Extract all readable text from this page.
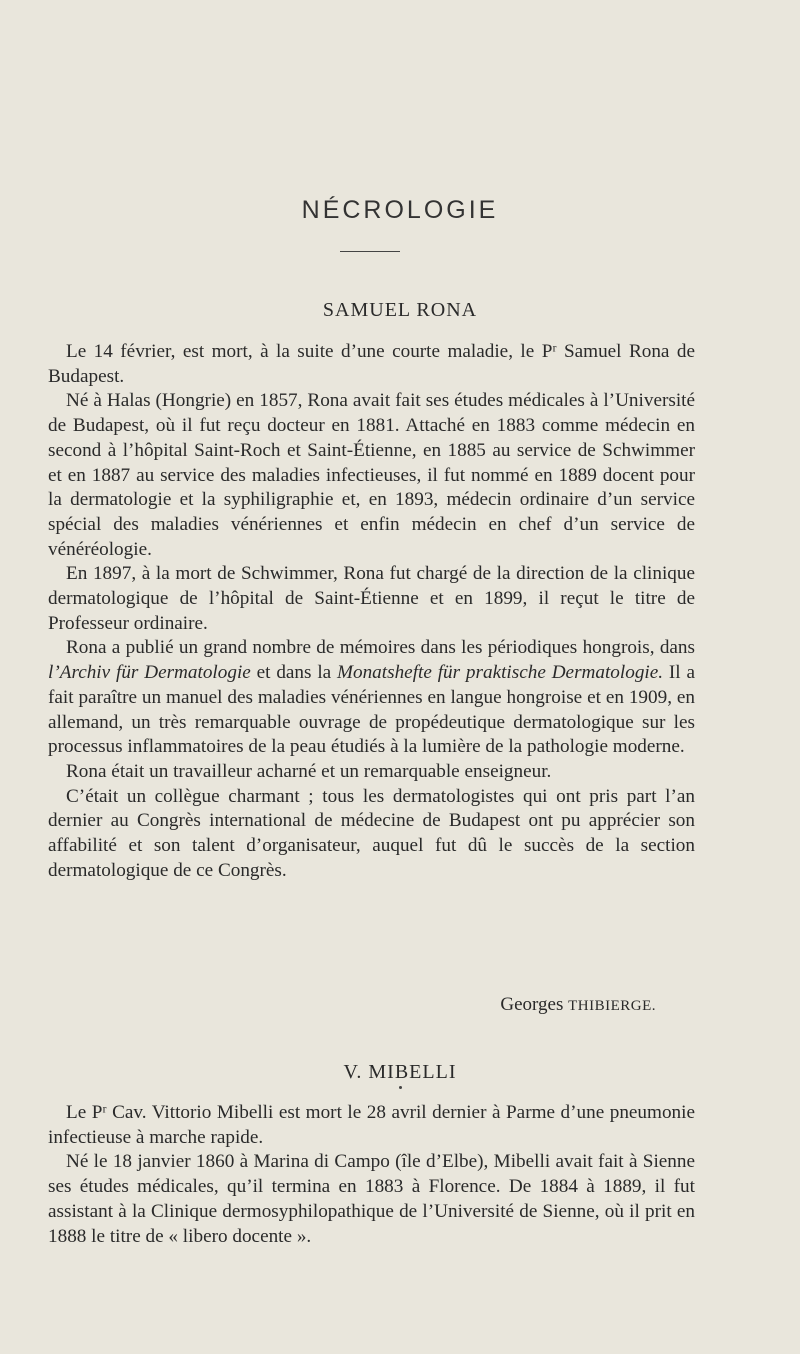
NÉCROLOGIE
SAMUEL RONA

Le 14 février, est mort, à la suite d’une courte maladie, le Pʳ Samuel Rona de Budapest.

Né à Halas (Hongrie) en 1857, Rona avait fait ses études médicales à l’Université de Budapest, où il fut reçu docteur en 1881. Attaché en 1883 comme médecin en second à l’hôpital Saint-Roch et Saint-Étienne, en 1885 au service de Schwimmer et en 1887 au service des maladies infectieuses, il fut nommé en 1889 docent pour la dermatologie et la syphiligraphie et, en 1893, médecin ordinaire d’un service spécial des maladies vénériennes et enfin médecin en chef d’un service de vénéréologie.

En 1897, à la mort de Schwimmer, Rona fut chargé de la direction de la clinique dermatologique de l’hôpital de Saint-Étienne et en 1899, il reçut le titre de Professeur ordinaire.

Rona a publié un grand nombre de mémoires dans les périodiques hongrois, dans l’Archiv für Dermatologie et dans la Monatshefte für praktische Dermatologie. Il a fait paraître un manuel des maladies vénériennes en langue hongroise et en 1909, en allemand, un très remarquable ouvrage de propédeutique dermatologique sur les processus inflammatoires de la peau étudiés à la lumière de la pathologie moderne.

Rona était un travailleur acharné et un remarquable enseigneur.

C’était un collègue charmant ; tous les dermatologistes qui ont pris part l’an dernier au Congrès international de médecine de Budapest ont pu apprécier son affabilité et son talent d’organisateur, auquel fut dû le succès de la section dermatologique de ce Congrès.

Georges THIBIERGE.
V. MIBELLI

Le Pʳ Cav. Vittorio Mibelli est mort le 28 avril dernier à Parme d’une pneumonie infectieuse à marche rapide.

Né le 18 janvier 1860 à Marina di Campo (île d’Elbe), Mibelli avait fait à Sienne ses études médicales, qu’il termina en 1883 à Florence. De 1884 à 1889, il fut assistant à la Clinique dermosyphilopathique de l’Université de Sienne, où il prit en 1888 le titre de « libero docente ».
